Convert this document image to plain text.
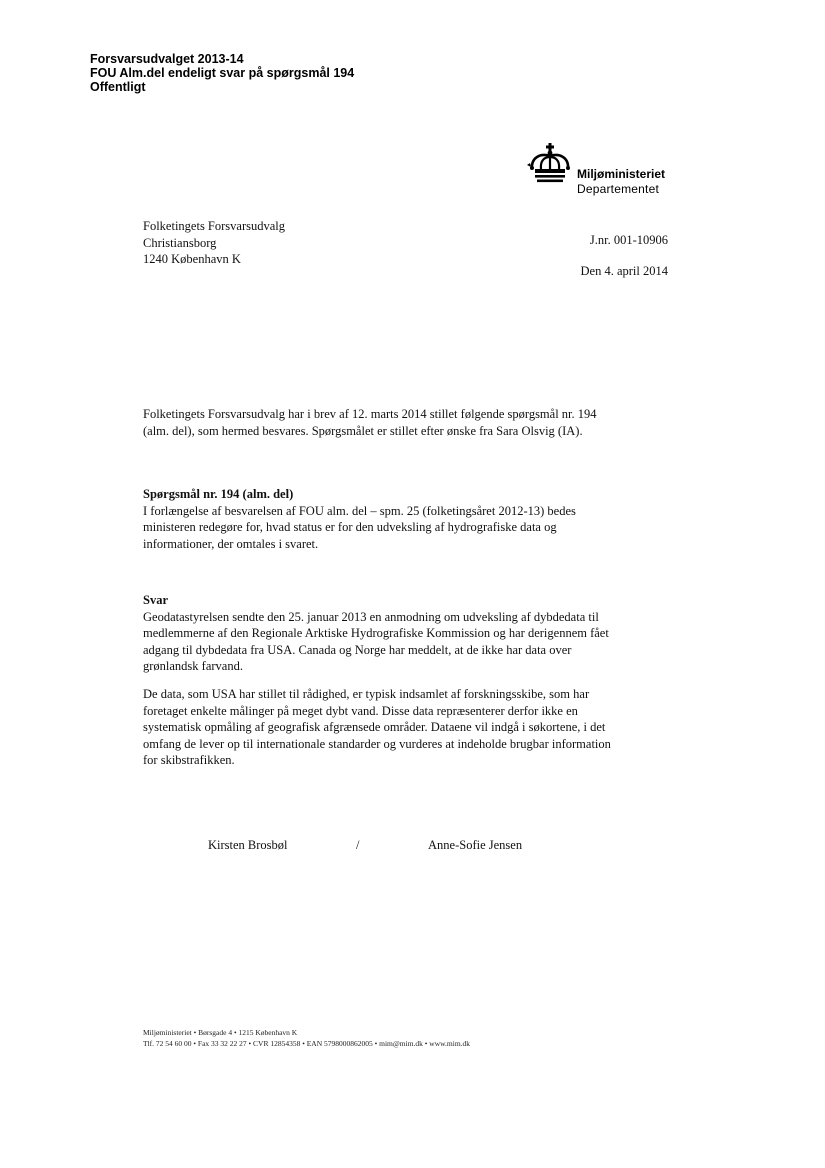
Forsvarsudvalget 2013-14
FOU Alm.del endeligt svar på spørgsmål 194
Offentligt
Miljøministeriet
Departementet
Folketingets Forsvarsudvalg
Christiansborg
1240 København K
J.nr. 001-10906
Den 4. april 2014

Folketingets Forsvarsudvalg har i brev af 12. marts 2014 stillet følgende spørgsmål nr. 194 (alm. del), som hermed besvares. Spørgsmålet er stillet efter ønske fra Sara Olsvig (IA).

Spørgsmål nr. 194 (alm. del)

I forlængelse af besvarelsen af FOU alm. del – spm. 25 (folketingsåret 2012-13) bedes ministeren redegøre for, hvad status er for den udveksling af hydrografiske data og informationer, der omtales i svaret.

Svar

Geodatastyrelsen sendte den 25. januar 2013 en anmodning om udveksling af dybdedata til medlemmerne af den Regionale Arktiske Hydrografiske Kommission og har derigennem fået adgang til dybdedata fra USA. Canada og Norge har meddelt, at de ikke har data over grønlandsk farvand.

De data, som USA har stillet til rådighed, er typisk indsamlet af forskningsskibe, som har foretaget enkelte målinger på meget dybt vand. Disse data repræsenterer derfor ikke en systematisk opmåling af geografisk afgrænsede områder. Dataene vil indgå i søkortene, i det omfang de lever op til internationale standarder og vurderes at indeholde brugbar information for skibstrafikken.

Kirsten Brosbøl	/	Anne-Sofie Jensen
Miljøministeriet • Børsgade 4 • 1215 København K
Tlf. 72 54 60 00 • Fax 33 32 22 27 • CVR 12854358 • EAN 5798000862005 • mim@mim.dk • www.mim.dk
